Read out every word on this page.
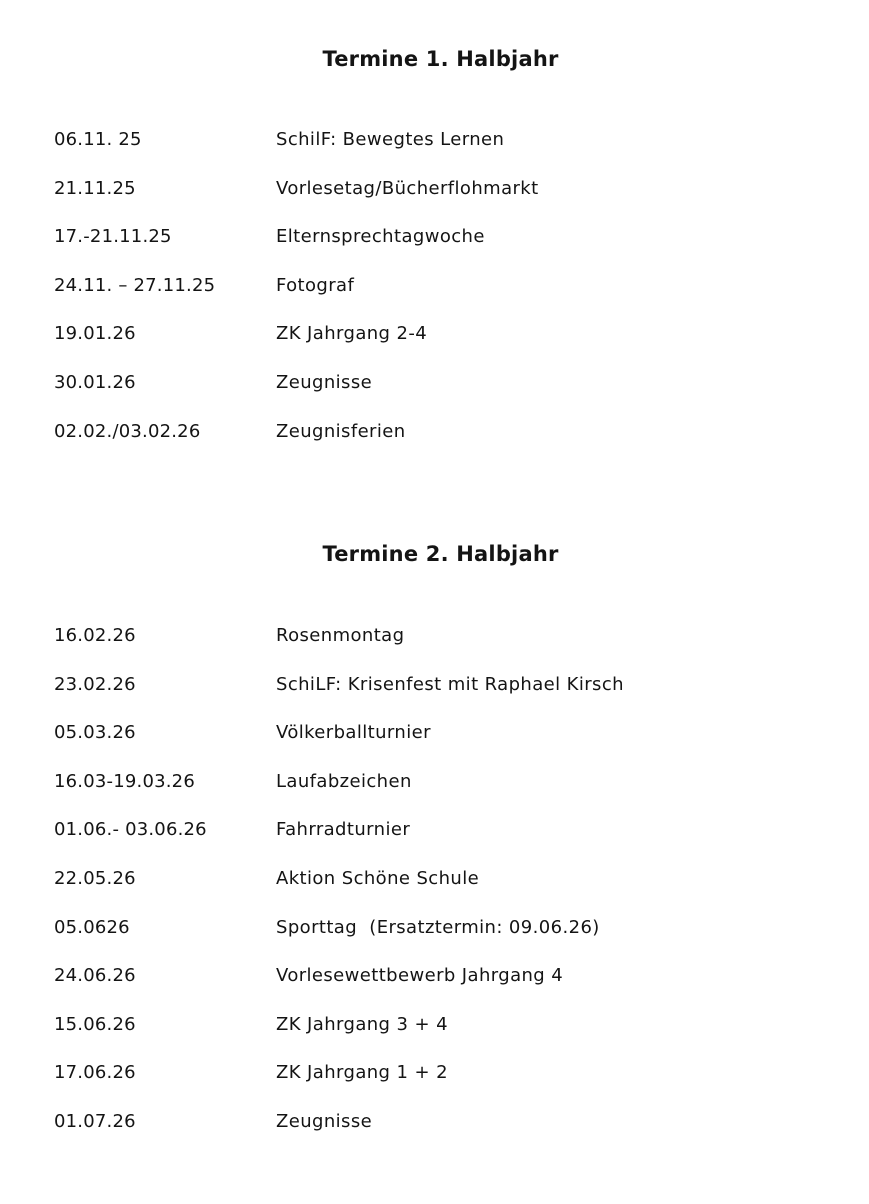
Termine 1. Halbjahr
06.11. 25	SchilF: Bewegtes Lernen
21.11.25	Vorlesetag/Bücherflohmarkt
17.-21.11.25	Elternsprechtagwoche
24.11. – 27.11.25	Fotograf
19.01.26	ZK Jahrgang 2-4
30.01.26	Zeugnisse
02.02./03.02.26	Zeugnisferien
Termine 2. Halbjahr
16.02.26	Rosenmontag
23.02.26	SchiLF: Krisenfest mit Raphael Kirsch
05.03.26	Völkerballturnier
16.03-19.03.26	Laufabzeichen
01.06.- 03.06.26	Fahrradturnier
22.05.26	Aktion Schöne Schule
05.0626	Sporttag  (Ersatztermin: 09.06.26)
24.06.26	Vorlesewettbewerb Jahrgang 4
15.06.26	ZK Jahrgang 3 + 4
17.06.26	ZK Jahrgang 1 + 2
01.07.26	Zeugnisse
